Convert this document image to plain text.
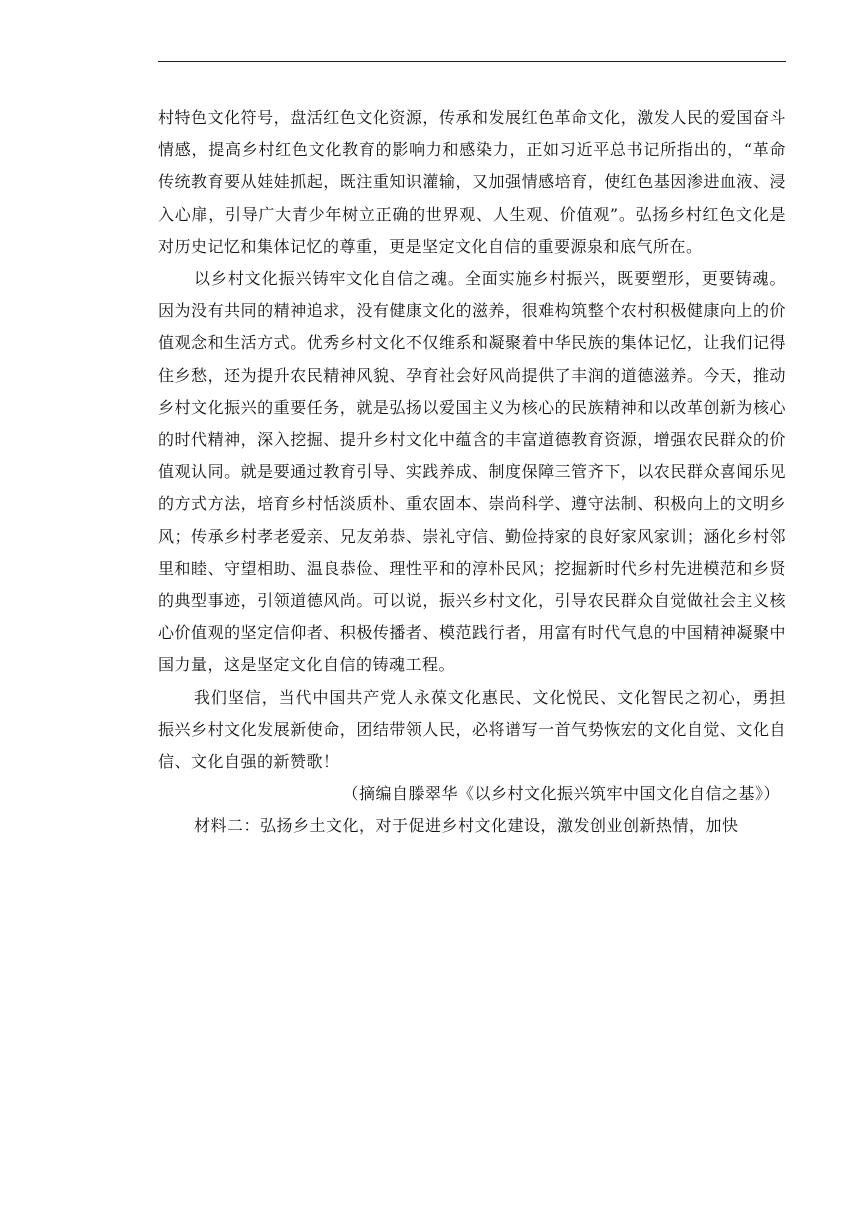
村特色文化符号，盘活红色文化资源，传承和发展红色革命文化，激发人民的爱国奋斗情感，提高乡村红色文化教育的影响力和感染力，正如习近平总书记所指出的，“革命传统教育要从娃娃抓起，既注重知识灌输，又加强情感培育，使红色基因渗进血液、浸入心扉，引导广大青少年树立正确的世界观、人生观、价值观”。弘扬乡村红色文化是对历史记忆和集体记忆的尊重，更是坚定文化自信的重要源泉和底气所在。

以乡村文化振兴铸牢文化自信之魂。全面实施乡村振兴，既要塑形，更要铸魂。因为没有共同的精神追求，没有健康文化的滋养，很难构筑整个农村积极健康向上的价值观念和生活方式。优秀乡村文化不仅维系和凝聚着中华民族的集体记忆，让我们记得住乡愁，还为提升农民精神风貌、孕育社会好风尚提供了丰润的道德滋养。今天，推动乡村文化振兴的重要任务，就是弘扬以爱国主义为核心的民族精神和以改革创新为核心的时代精神，深入挖掘、提升乡村文化中蕴含的丰富道德教育资源，增强农民群众的价值观认同。就是要通过教育引导、实践养成、制度保障三管齐下，以农民群众喜闻乐见的方式方法，培育乡村恬淡质朴、重农固本、崇尚科学、遵守法制、积极向上的文明乡风；传承乡村孝老爱亲、兄友弟恭、崇礼守信、勤俭持家的良好家风家训；涵化乡村邻里和睦、守望相助、温良恭俭、理性平和的淳朴民风；挖掘新时代乡村先进模范和乡贤的典型事迹，引领道德风尚。可以说，振兴乡村文化，引导农民群众自觉做社会主义核心价值观的坚定信仰者、积极传播者、模范践行者，用富有时代气息的中国精神凝聚中国力量，这是坚定文化自信的铸魂工程。

我们坚信，当代中国共产党人永葆文化惠民、文化悦民、文化智民之初心，勇担振兴乡村文化发展新使命，团结带领人民，必将谱写一首气势恢宏的文化自觉、文化自信、文化自强的新赞歌！

（摘编自滕翠华《以乡村文化振兴筑牢中国文化自信之基》）

材料二：弘扬乡土文化，对于促进乡村文化建设，激发创业创新热情，加快
